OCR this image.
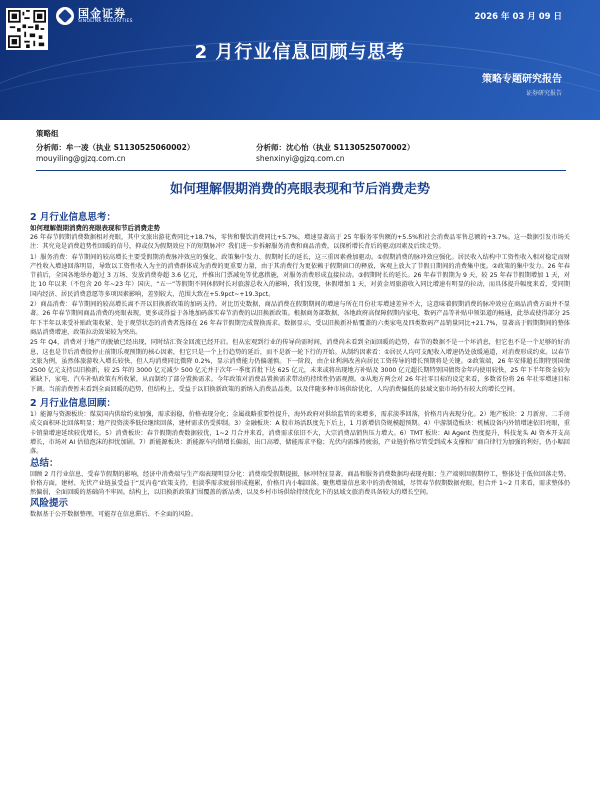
国金证券
SINOLINK SECURITIES	2026 年 03 月 09 日
2 月行业信息回顾与思考
策略专题研究报告
证券研究报告
策略组
分析师：牟一凌（执业 S1130525060002）
mouyiling@gjzq.com.cn
分析师：沈心怡（执业 S1130525070002）
shenxinyi@gjzq.com.cn
如何理解假期消费的亮眼表现和节后消费走势
2 月行业信息思考：
如何理解假期消费的亮眼表现和节后消费走势

26 年春节假期消费数据相对亮眼，其中文旅出游花费同比+18.7%，零售和餐饮消费同比+5.7%，增速显著高于 25 年服务零售额的+5.5%和社会消费品零售总额的+3.7%。这一数据引发市场关注：其究竟是消费趋势性回暖的信号，抑或仅为假期效应下的短期脉冲？我们进一步拆解服务消费和商品消费，以探析增长背后的驱动因素及后续走势。

1）服务消费：春节期间的较高增长主要受假期消费脉冲效应的强化、政策集中发力、假期时长的延长，这三重因素叠加驱动。①假期消费的脉冲效应强化。居民收入结构中工资性收入相对稳定而财产性收入增速回落明显，导致以工资性收入为主的消费群体成为消费的更重要力量，由于其消费行为更依赖于假期窗口的释放，客观上放大了节假日期间的消费集中度。②政策的集中发力。26 年春节前后，全国各地举办超过 3 万场、发放消费券超 3.6 亿元，并推出门票减免等优惠措施，对服务消费形成直接拉动。③假期时长的延长。26 年春节假期为 9 天，较 25 年春节假期增加 1 天，对比 10 年以来（不包含 20 年~23 年）国庆、“五一”等假期不同休假时长对旅游总收入的影响，我们发现，休假增加 1 天，对黄金周旅游收入同比增速有明显的拉动，而具体提升幅度来看，受同期国内经济、居民消费意愿等多项因素影响，差别较大，范围大致在+5.9pct~+19.3pct。

2）商品消费：春节期间的较高增长离不开以旧换新政策的加码支持。对比历史数据，商品消费在假期期间的增速与所在月份社零增速差异不大，这意味着假期消费的脉冲效应在商品消费方面并不显著。26 年春节期间商品消费的亮眼表现，更多或得益于各地加码落实春节消费的以旧换新政策。根据商务部数据，各地政府高保障假期内家电、数码产品等补贴申领渠道的畅通，此举或使得部分 25 年下半年以来受补贴政策收紧、处于观望状态的消费者选择在 26 年春节假期完成置换需求。数据显示，受以旧换新补贴覆盖的六类家电及四类数码产品销量同比+21.7%，显著高于假期期间的整体商品消费增速，政策拉动效果较为突出。

25 年 Q4，消费对于地产的脱敏已经出现，同时结汇资金回流已经开启。但从宏观到行业的传导尚需时间，消费尚未看到全面回暖的趋势，春节的数据不是一个坏消息，但它也不是一个足够的好消息，这也是节后消费股停止前期乐观预期的核心因素，但它只是一个上行趋势的延后，而不是新一轮下行的开始。从制约因素看：①居民人均可支配收入增速仍处放缓通道，对消费形成约束。以春节文旅为例，虽然体旅游收入增长较快，但人均消费同比微降 0.2%，显示消费能力仍偏谨慎。下一阶段，由企业利润改善向居民工资传导的增长预期将是关键。②政策端，26 年安排超长期特别国债 2500 亿元支持以旧换新，较 25 年的 3000 亿元减少 500 亿元并于次年一季度首批下达 625 亿元，未来或将出现地方补贴及 3000 亿元超长期特别国债资金年内使用较快，25 年下半年资金较为紧缺下，家电、汽车补贴政策有所收紧，从而制约了部分置换需求。今年政策对消费品置换需求带动的持续性仍需观测。③从地方两会对 26 年社零目标的设定来看，多数省份将 26 年社零增速目标下调。当前消费暂未看到全面回暖的趋势，但结构上，受益于以旧换新政策的新纳入消费品品类，以及伴随多种市场供给优化、人均消费偏低的县域文旅市场仍有较大的增长空间。

2 月行业信息回顾：

1）能源与资源板块：煤炭国内供给约束加强，需求弱稳，价格表现分化；金属战略重要性提升，海外政府对供给监管的来增多，需求淡季回落，价格月内表现分化。2）地产板块：2 月新房、二手房成交面积环比回落明显；地产投资淡季低位继续回落，建材需求仍受抑制。3）金融板块：A 股市场活跃度先下后上，1 月新增信贷规模超预期。4）中游制造板块：机械设备内外销增速依旧亮眼，重卡销量增速延续较优增长。5）消费板块：春节假期消费数据较优，1~2 月合并来看，消费需求依旧不大，大宗消费品销售压力增大。6）TMT 板块：AI Agent 热度提升，科技龙头 AI 资本开支高增长，市场对 AI 估值泡沫的担忧加剧。7）新能源板块：新能源车内销增长偏弱，出口高增，储能需求平稳；光伏内需维持疲弱，产业链价格尽管受到成本支撑和厂商自律行为加强的利好，仍小幅回落。

总结：

回顾 2 月行业信息，受春节假期的影响，经济中消费端与生产端表现明显分化：消费端受假期提振，脉冲特征显著，商品和服务消费数据均表现亮眼；生产端则因假期停工，整体处于低位回落走势。价格方面，建材、光伏产业链虽受益于“反内卷”政策支持，但淡季需求疲弱形成拖累，价格月内小幅回落。聚焦增量信息来中的消费领域，尽管春节假期数据亮眼，但合并 1~2 月来看，需求整体仍然偏弱，全面回暖的基础尚不牢固。结构上，以旧换新政策扩围覆盖的新品类，以及乡村市场供给持续优化下的县域文旅消费具备较大的增长空间。

风险提示

数据基于公开数据整理，可能存在信息滞后、不全面的风险。
